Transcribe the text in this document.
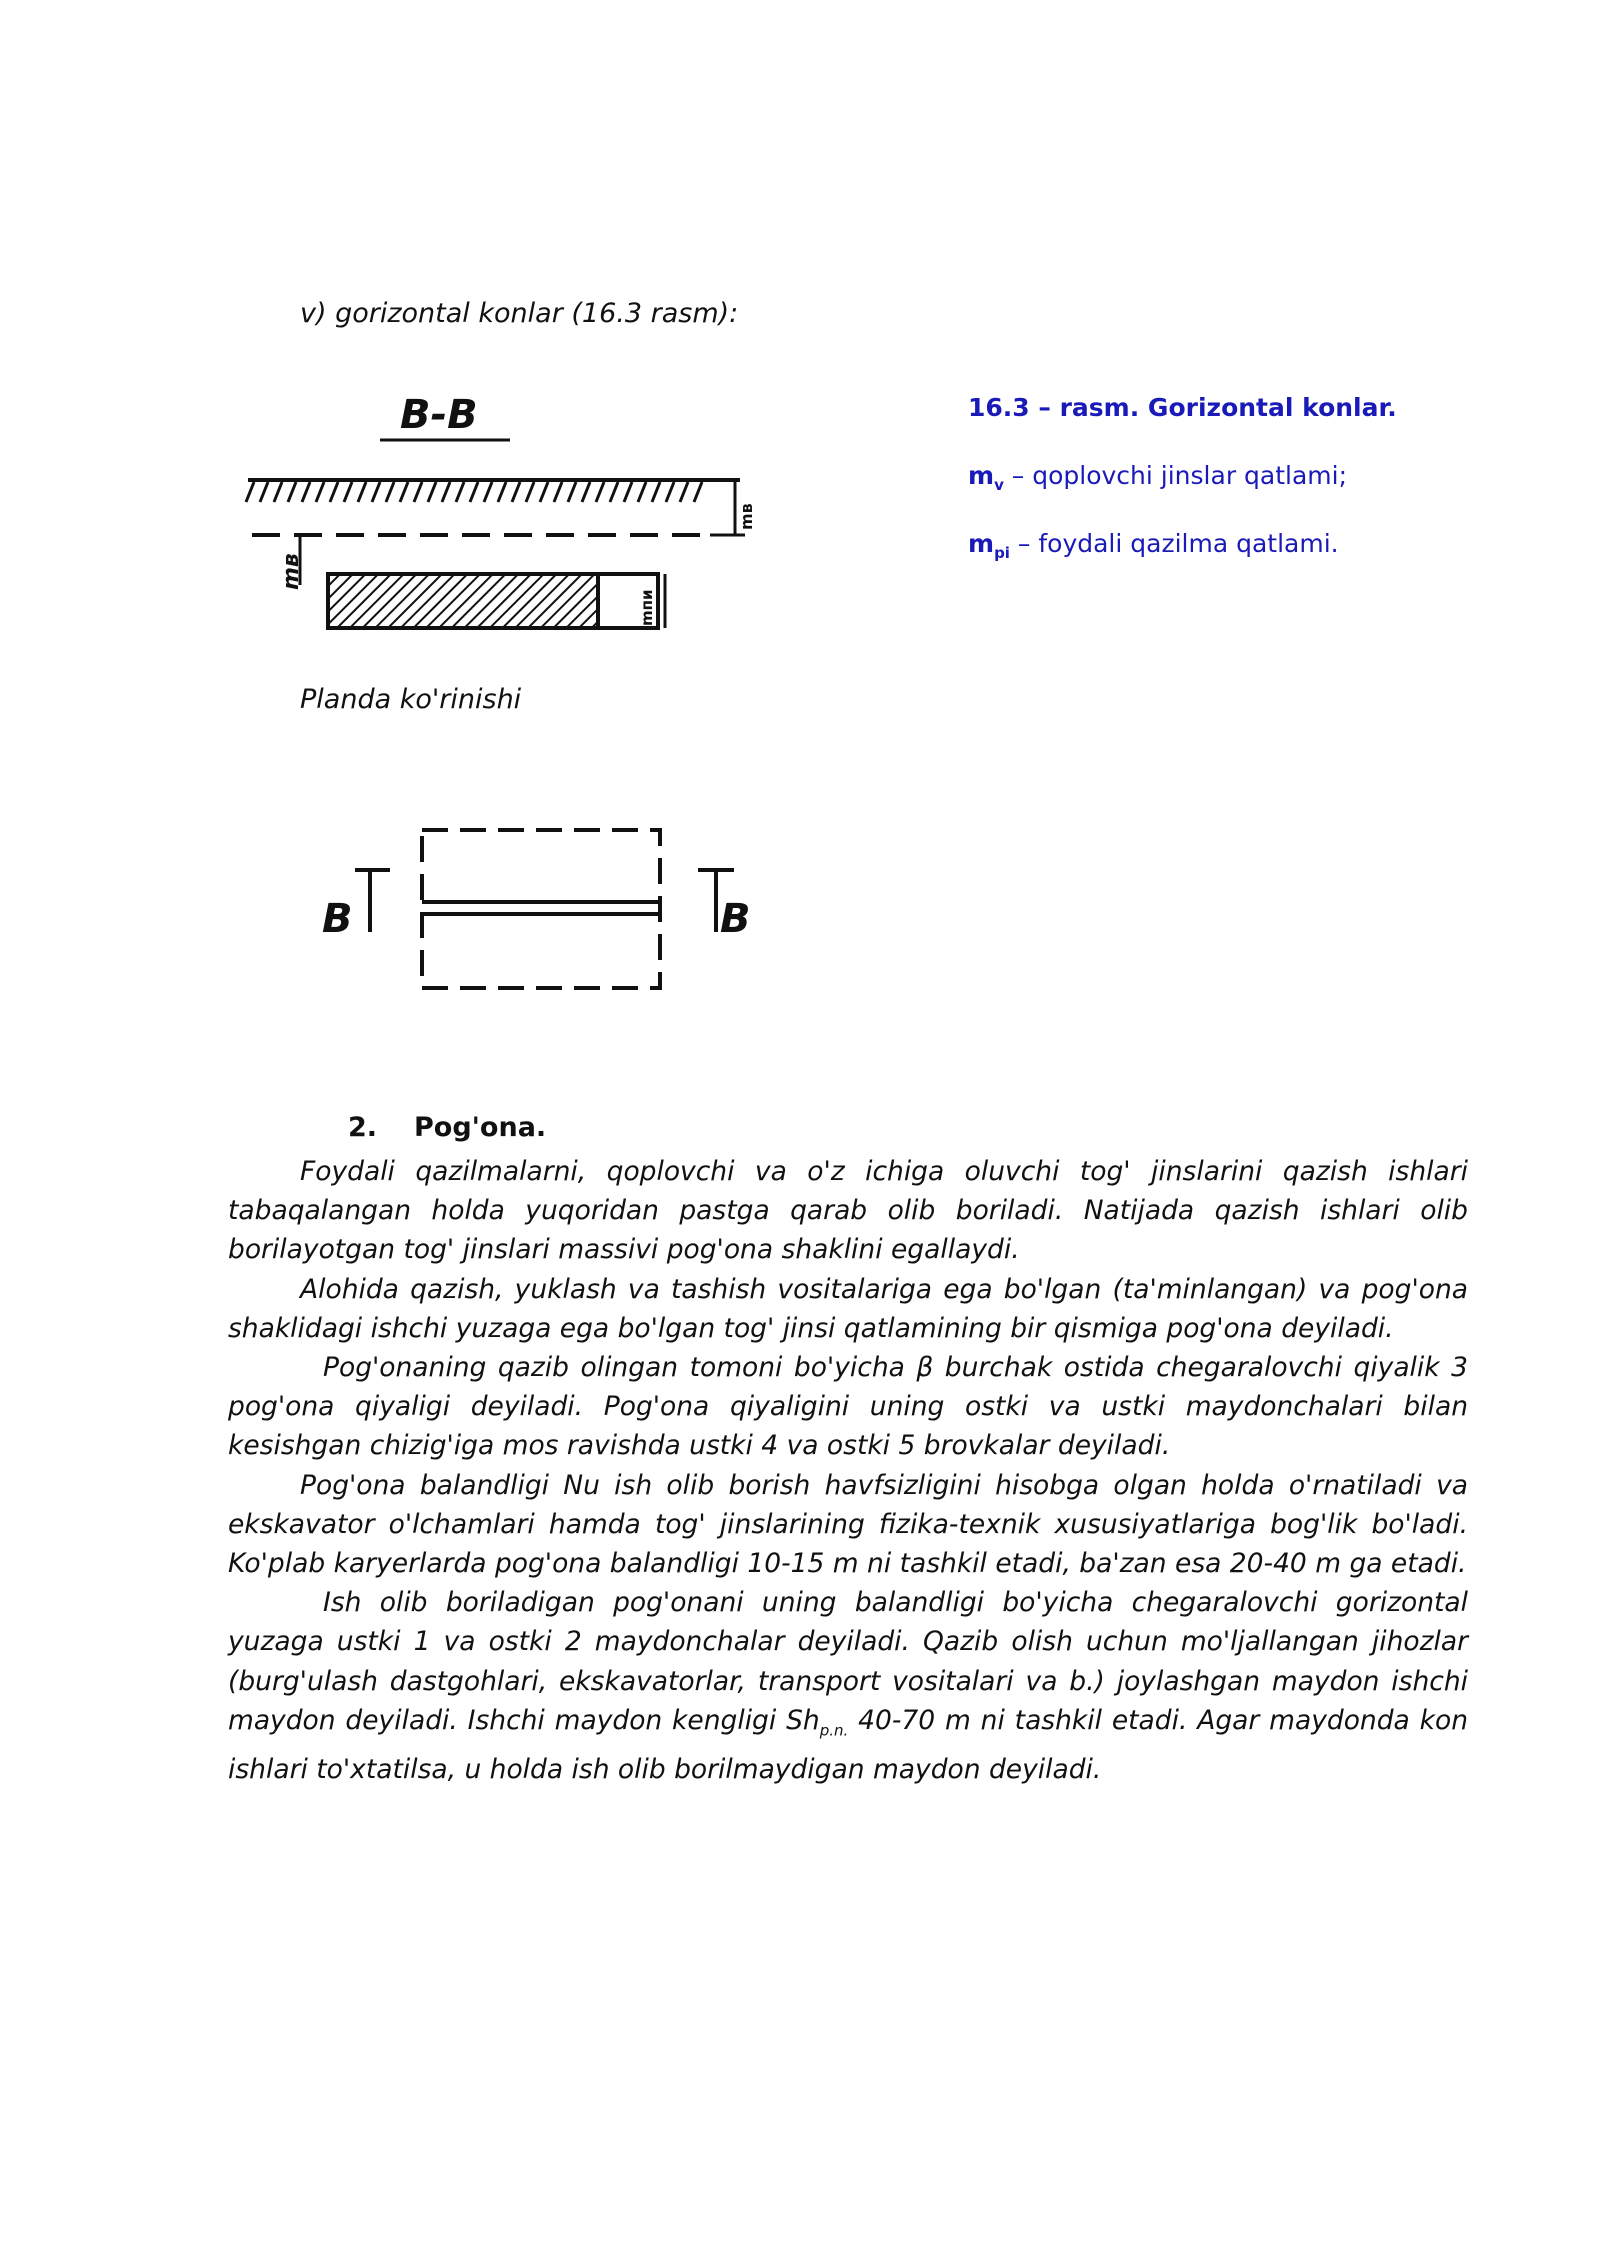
v) gorizontal konlar (16.3 rasm):
B-B
mв
mв
mпи
16.3 – rasm. Gorizontal konlar.
$m_v$ – qoplovchi jinslar qatlami;
$m_{pi}$ – foydali qazilma qatlami.
Planda ko'rinishi
B	B
2. Pog'ona.

Foydali qazilmalarni, qoplovchi va o'z ichiga oluvchi tog' jinslarini qazish ishlari tabaqalangan holda yuqoridan pastga qarab olib boriladi. Natijada qazish ishlari olib borilayotgan tog' jinslari massivi pog'ona shaklini egallaydi.

Alohida qazish, yuklash va tashish vositalariga ega bo'lgan (ta'minlangan) va pog'ona shaklidagi ishchi yuzaga ega bo'lgan tog' jinsi qatlamining bir qismiga pog'ona deyiladi.

Pog'onaning qazib olingan tomoni bo'yicha β burchak ostida chegaralovchi qiyalik 3 pog'ona qiyaligi deyiladi. Pog'ona qiyaligini uning ostki va ustki maydonchalari bilan kesishgan chizig'iga mos ravishda ustki 4 va ostki 5 brovkalar deyiladi.

Pog'ona balandligi Nu ish olib borish havfsizligini hisobga olgan holda o'rnatiladi va ekskavator o'lchamlari hamda tog' jinslarining fizika-texnik xususiyatlariga bog'lik bo'ladi. Ko'plab karyerlarda pog'ona balandligi 10-15 m ni tashkil etadi, ba'zan esa 20-40 m ga etadi.

Ish olib boriladigan pog'onani uning balandligi bo'yicha chegaralovchi gorizontal yuzaga ustki 1 va ostki 2 maydonchalar deyiladi. Qazib olish uchun mo'ljallangan jihozlar (burg'ulash dastgohlari, ekskavatorlar, transport vositalari va b.) joylashgan maydon ishchi maydon deyiladi. Ishchi maydon kengligi $Sh_{p.n.}$ 40-70 m ni tashkil etadi. Agar maydonda kon ishlari to'xtatilsa, u holda ish olib borilmaydigan maydon deyiladi.
